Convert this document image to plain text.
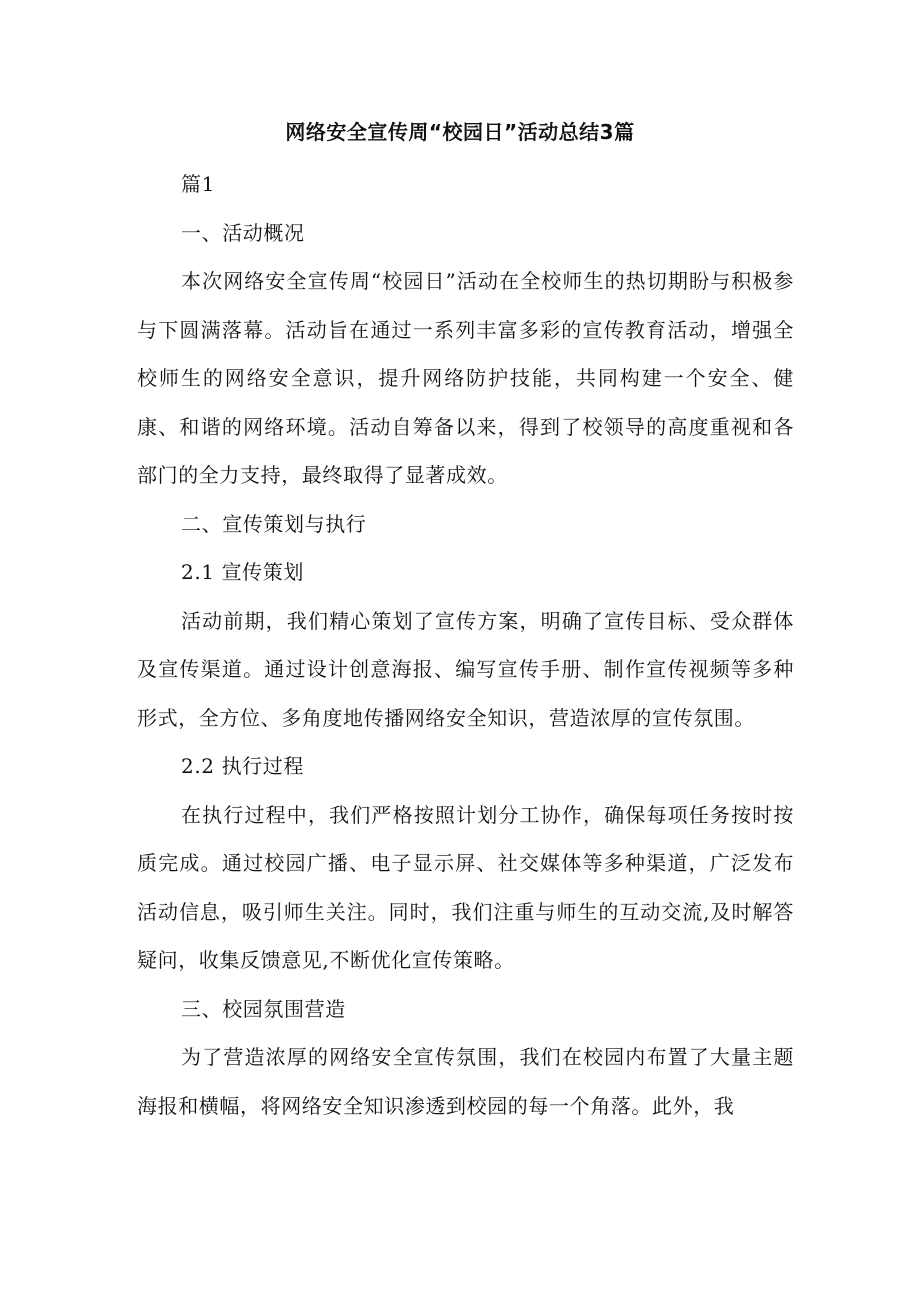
网络安全宣传周“校园日”活动总结3篇

篇1

一、活动概况

本次网络安全宣传周“校园日”活动在全校师生的热切期盼与积极参与下圆满落幕。活动旨在通过一系列丰富多彩的宣传教育活动，增强全校师生的网络安全意识，提升网络防护技能，共同构建一个安全、健康、和谐的网络环境。活动自筹备以来，得到了校领导的高度重视和各部门的全力支持，最终取得了显著成效。

二、宣传策划与执行

2.1 宣传策划

活动前期，我们精心策划了宣传方案，明确了宣传目标、受众群体及宣传渠道。通过设计创意海报、编写宣传手册、制作宣传视频等多种形式，全方位、多角度地传播网络安全知识，营造浓厚的宣传氛围。

2.2 执行过程

在执行过程中，我们严格按照计划分工协作，确保每项任务按时按质完成。通过校园广播、电子显示屏、社交媒体等多种渠道，广泛发布活动信息，吸引师生关注。同时，我们注重与师生的互动交流,及时解答疑问，收集反馈意见,不断优化宣传策略。

三、校园氛围营造

为了营造浓厚的网络安全宣传氛围，我们在校园内布置了大量主题海报和横幅，将网络安全知识渗透到校园的每一个角落。此外，我
